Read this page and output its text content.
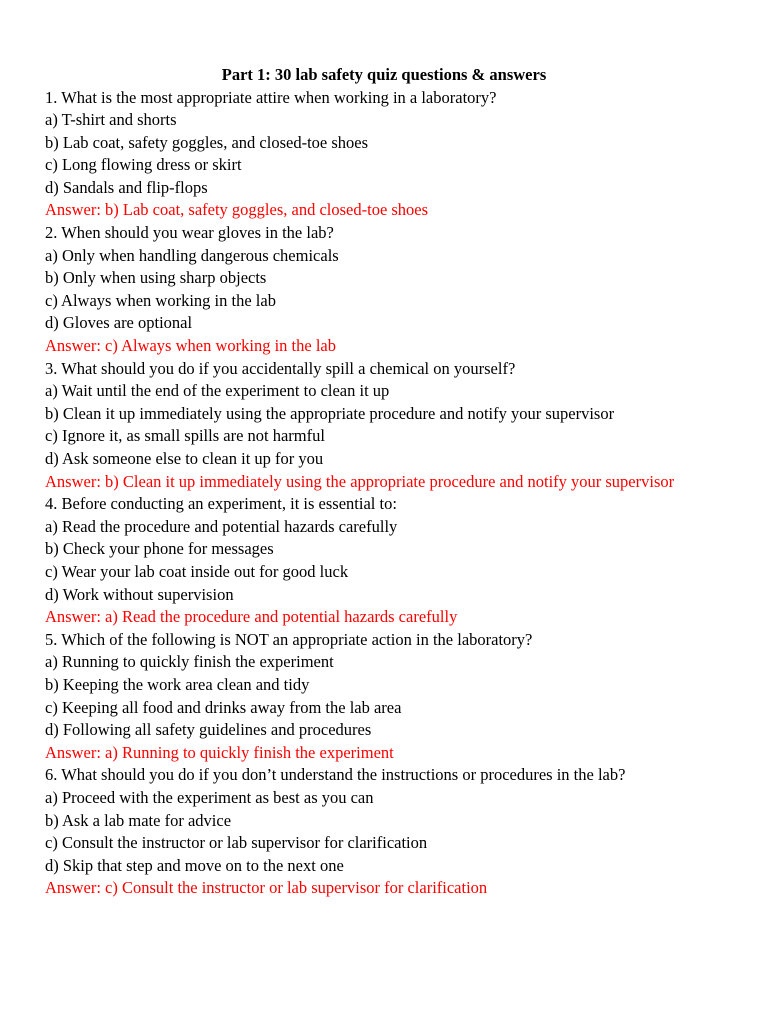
Part 1: 30 lab safety quiz questions & answers
1. What is the most appropriate attire when working in a laboratory?
a) T-shirt and shorts
b) Lab coat, safety goggles, and closed-toe shoes
c) Long flowing dress or skirt
d) Sandals and flip-flops
Answer: b) Lab coat, safety goggles, and closed-toe shoes
2. When should you wear gloves in the lab?
a) Only when handling dangerous chemicals
b) Only when using sharp objects
c) Always when working in the lab
d) Gloves are optional
Answer: c) Always when working in the lab
3. What should you do if you accidentally spill a chemical on yourself?
a) Wait until the end of the experiment to clean it up
b) Clean it up immediately using the appropriate procedure and notify your supervisor
c) Ignore it, as small spills are not harmful
d) Ask someone else to clean it up for you
Answer: b) Clean it up immediately using the appropriate procedure and notify your supervisor
4. Before conducting an experiment, it is essential to:
a) Read the procedure and potential hazards carefully
b) Check your phone for messages
c) Wear your lab coat inside out for good luck
d) Work without supervision
Answer: a) Read the procedure and potential hazards carefully
5. Which of the following is NOT an appropriate action in the laboratory?
a) Running to quickly finish the experiment
b) Keeping the work area clean and tidy
c) Keeping all food and drinks away from the lab area
d) Following all safety guidelines and procedures
Answer: a) Running to quickly finish the experiment
6. What should you do if you don’t understand the instructions or procedures in the lab?
a) Proceed with the experiment as best as you can
b) Ask a lab mate for advice
c) Consult the instructor or lab supervisor for clarification
d) Skip that step and move on to the next one
Answer: c) Consult the instructor or lab supervisor for clarification
